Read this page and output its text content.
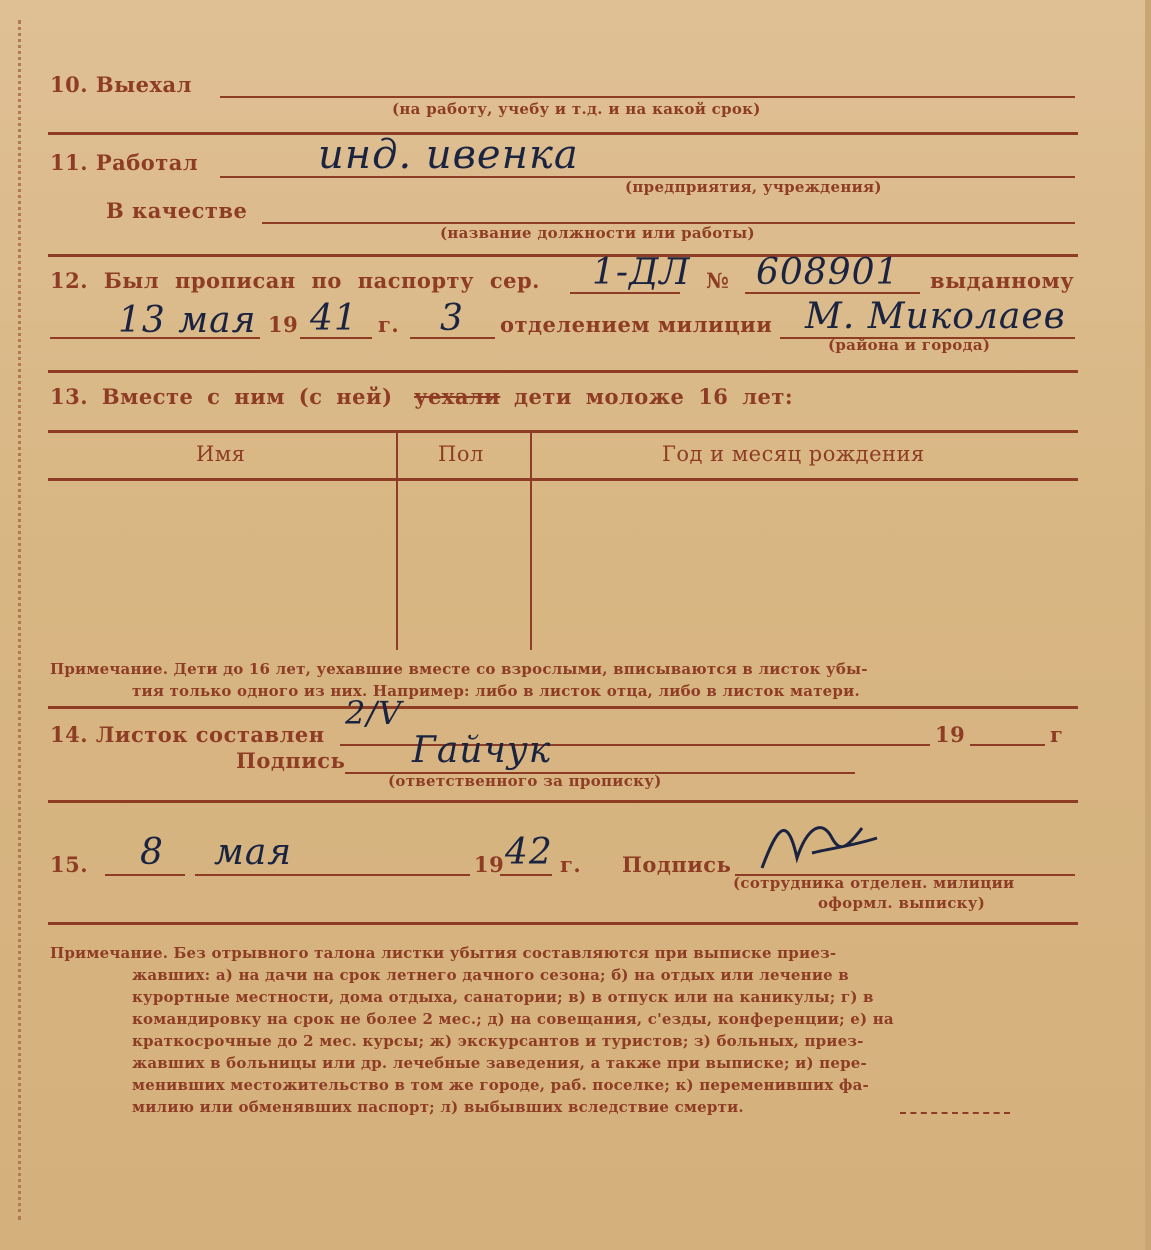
10. Выехал
(на работу, учебу и т.д. и на какой срок)
11. Работал	инд. ивенка
(предприятия, учреждения)
В качестве
(название должности или работы)
12. Был прописан по паспорту сер. 1-ДЛ № 608901 выданному
13 мая 19 41 г. 3 отделением милиции М. Миколаев
(района и города)
13. Вместе с ним (с ней) уехали дети моложе 16 лет:
Имя	Пол	Год и месяц рождения
Примечание. Дети до 16 лет, уехавшие вместе со взрослыми, вписываются в листок убы-
тия только одного из них. Например: либо в листок отца, либо в листок матери.
14. Листок составлен
2/V
19	г
Подпись Гайчук
(ответственного за прописку)
15. 8 мая	19 42 г. Подпись
(сотрудника отделен. милиции
оформл. выписку)
Примечание. Без отрывного талона листки убытия составляются при выписке приез-
жавших: а) на дачи на срок летнего дачного сезона; б) на отдых или лечение в
курортные местности, дома отдыха, санатории; в) в отпуск или на каникулы; г) в
командировку на срок не более 2 мес.; д) на совещания, с'езды, конференции; е) на
краткосрочные до 2 мес. курсы; ж) экскурсантов и туристов; з) больных, приез-
жавших в больницы или др. лечебные заведения, а также при выписке; и) пере-
менивших местожительство в том же городе, раб. поселке; к) переменивших фа-
милию или обменявших паспорт; л) выбывших вследствие смерти.
